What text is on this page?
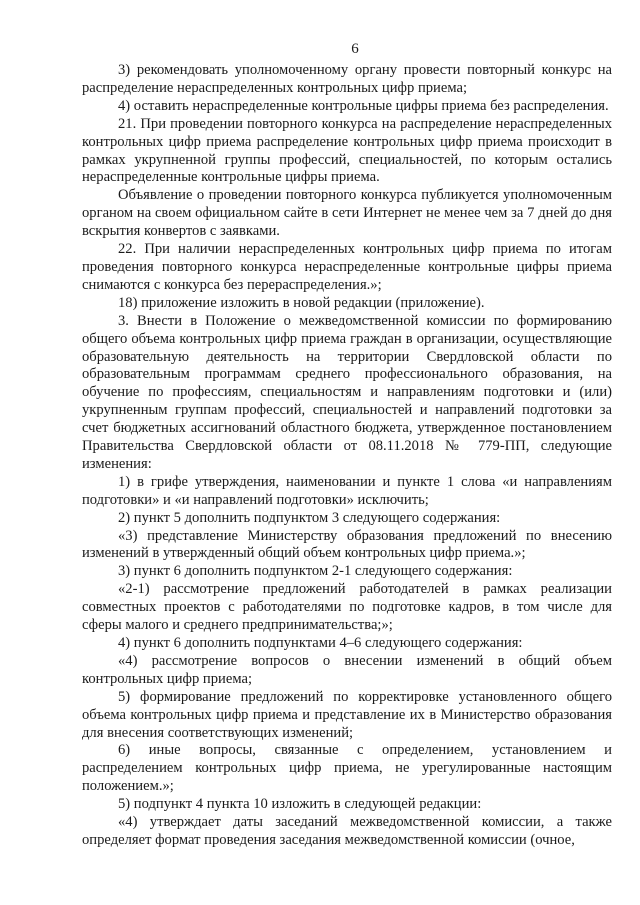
6

3) рекомендовать уполномоченному органу провести повторный конкурс на распределение нераспределенных контрольных цифр приема;

4) оставить нераспределенные контрольные цифры приема без распределения.

21. При проведении повторного конкурса на распределение нераспределенных контрольных цифр приема распределение контрольных цифр приема происходит в рамках укрупненной группы профессий, специальностей, по которым остались нераспределенные контрольные цифры приема.

Объявление о проведении повторного конкурса публикуется уполномоченным органом на своем официальном сайте в сети Интернет не менее чем за 7 дней до дня вскрытия конвертов с заявками.

22. При наличии нераспределенных контрольных цифр приема по итогам проведения повторного конкурса нераспределенные контрольные цифры приема снимаются с конкурса без перераспределения.»;

18) приложение изложить в новой редакции (приложение).

3. Внести в Положение о межведомственной комиссии по формированию общего объема контрольных цифр приема граждан в организации, осуществляющие образовательную деятельность на территории Свердловской области по образовательным программам среднего профессионального образования, на обучение по профессиям, специальностям и направлениям подготовки и (или) укрупненным группам профессий, специальностей и направлений подготовки за счет бюджетных ассигнований областного бюджета, утвержденное постановлением Правительства Свердловской области от 08.11.2018 № 779-ПП, следующие изменения:

1) в грифе утверждения, наименовании и пункте 1 слова «и направлениям подготовки» и «и направлений подготовки» исключить;

2) пункт 5 дополнить подпунктом 3 следующего содержания:

«3) представление Министерству образования предложений по внесению изменений в утвержденный общий объем контрольных цифр приема.»;

3) пункт 6 дополнить подпунктом 2-1 следующего содержания:

«2-1) рассмотрение предложений работодателей в рамках реализации совместных проектов с работодателями по подготовке кадров, в том числе для сферы малого и среднего предпринимательства;»;

4) пункт 6 дополнить подпунктами 4–6 следующего содержания:

«4) рассмотрение вопросов о внесении изменений в общий объем контрольных цифр приема;

5) формирование предложений по корректировке установленного общего объема контрольных цифр приема и представление их в Министерство образования для внесения соответствующих изменений;

6) иные вопросы, связанные с определением, установлением и распределением контрольных цифр приема, не урегулированные настоящим положением.»;

5) подпункт 4 пункта 10 изложить в следующей редакции:

«4) утверждает даты заседаний межведомственной комиссии, а также определяет формат проведения заседания межведомственной комиссии (очное,
